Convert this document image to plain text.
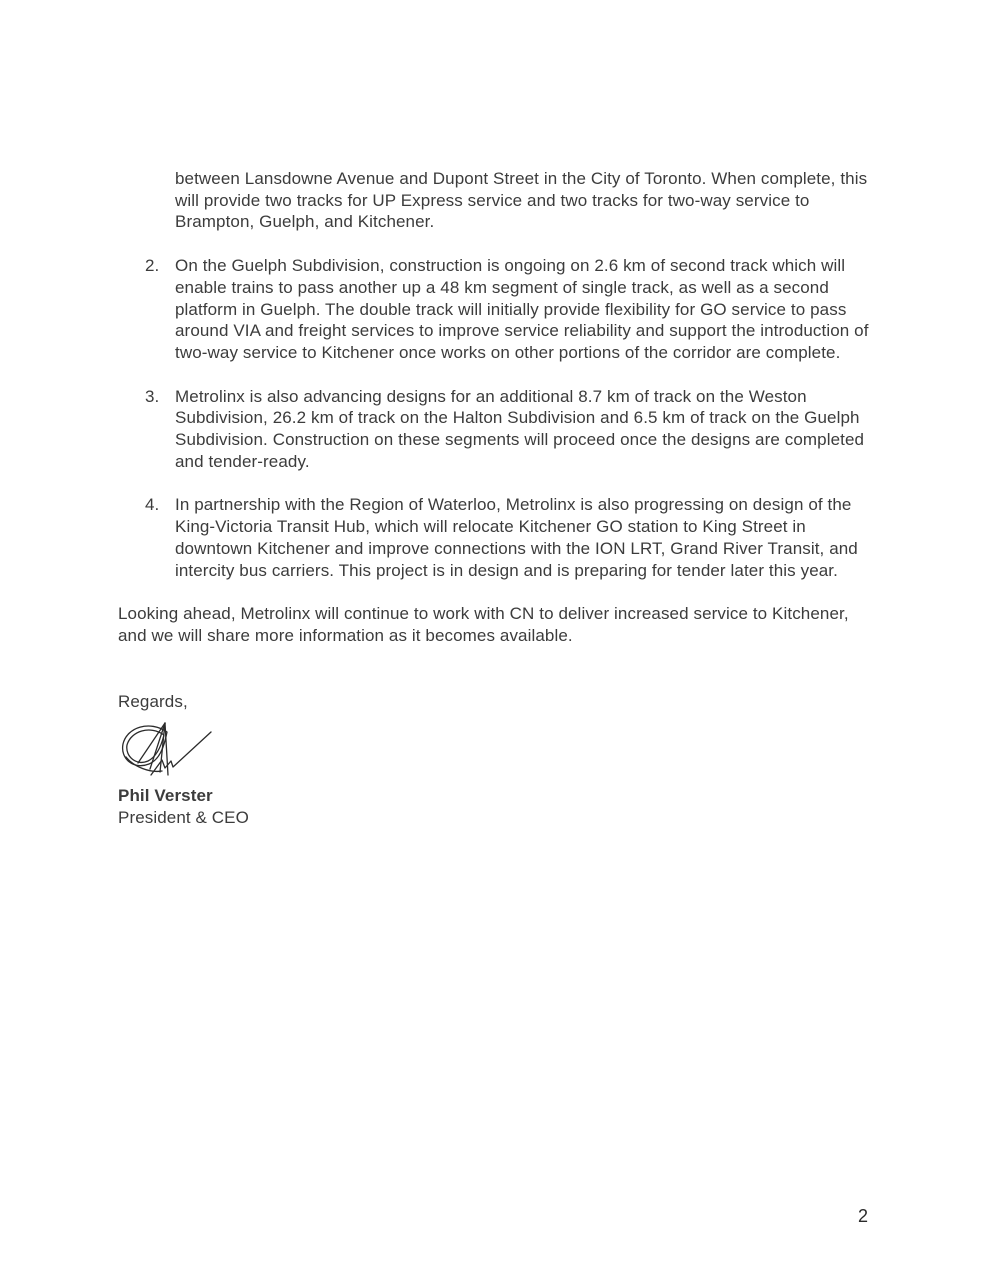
between Lansdowne Avenue and Dupont Street in the City of Toronto. When complete, this will provide two tracks for UP Express service and two tracks for two-way service to Brampton, Guelph, and Kitchener.

2. On the Guelph Subdivision, construction is ongoing on 2.6 km of second track which will enable trains to pass another up a 48 km segment of single track, as well as a second platform in Guelph. The double track will initially provide flexibility for GO service to pass around VIA and freight services to improve service reliability and support the introduction of two-way service to Kitchener once works on other portions of the corridor are complete.
3. Metrolinx is also advancing designs for an additional 8.7 km of track on the Weston Subdivision, 26.2 km of track on the Halton Subdivision and 6.5 km of track on the Guelph Subdivision. Construction on these segments will proceed once the designs are completed and tender-ready.
4. In partnership with the Region of Waterloo, Metrolinx is also progressing on design of the King-Victoria Transit Hub, which will relocate Kitchener GO station to King Street in downtown Kitchener and improve connections with the ION LRT, Grand River Transit, and intercity bus carriers. This project is in design and is preparing for tender later this year.

Looking ahead, Metrolinx will continue to work with CN to deliver increased service to Kitchener, and we will share more information as it becomes available.

Regards,

Phil Verster

President & CEO

2
